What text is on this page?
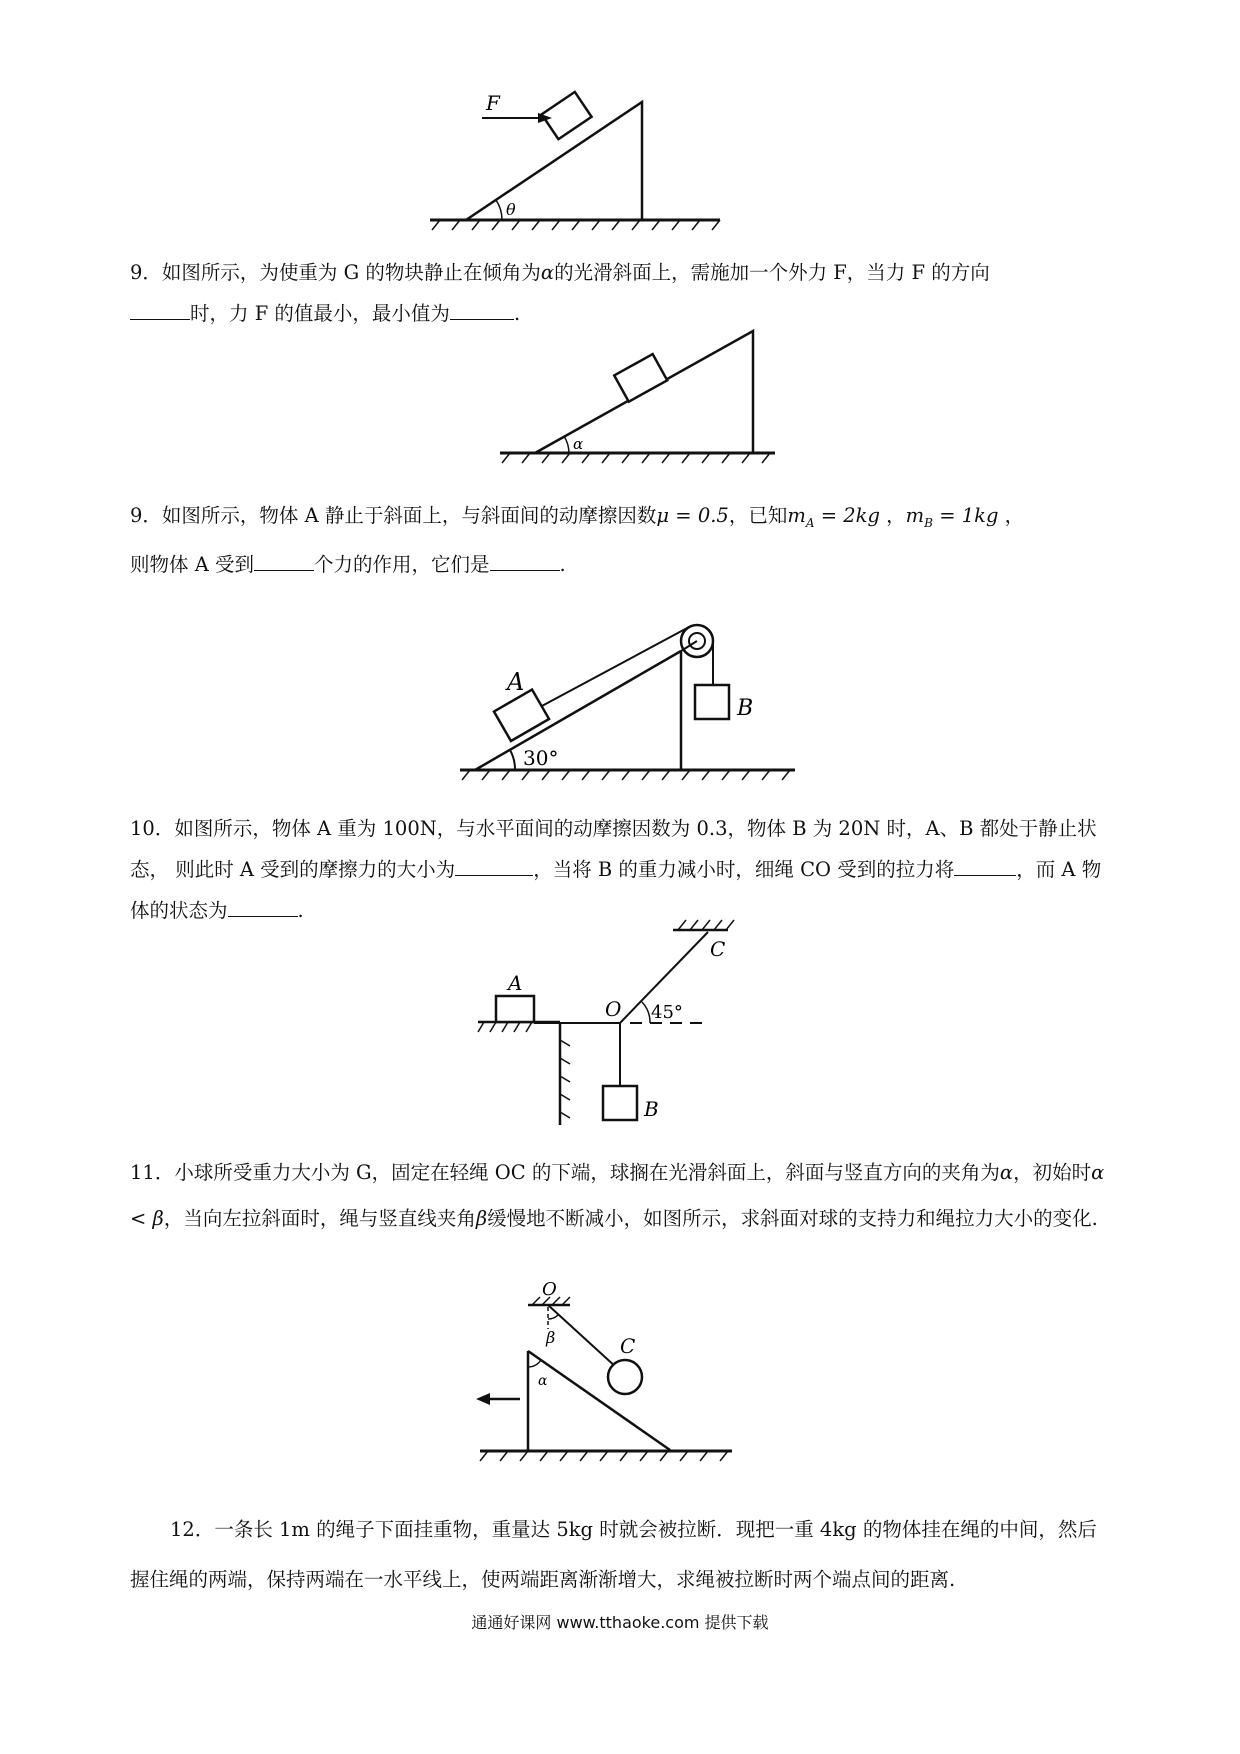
F
θ

9．如图所示，为使重为 G 的物块静止在倾角为α的光滑斜面上，需施加一个外力 F，当力 F 的方向
时，力 F 的值最小，最小值为	.

α

9．如图所示，物体 A 静止于斜面上，与斜面间的动摩擦因数μ = 0.5，已知$m_A = 2kg$ ，$m_B = 1kg$ ，
则物体 A 受到	个力的作用，它们是	.

A
B
30°

10．如图所示，物体 A 重为 100N，与水平面间的动摩擦因数为 0.3，物体 B 为 20N 时，A、B 都处于静止状态， 则此时 A 受到的摩擦力的大小为	，当将 B 的重力减小时，细绳 CO 受到的拉力将	，而 A 物体的状态为	.

C
45°
A
O
B

11．小球所受重力大小为 G，固定在轻绳 OC 的下端，球搁在光滑斜面上，斜面与竖直方向的夹角为α，初始时α < β，当向左拉斜面时，绳与竖直线夹角β缓慢地不断减小，如图所示，求斜面对球的支持力和绳拉力大小的变化.

O
β	C
α

12．一条长 1m 的绳子下面挂重物，重量达 5kg 时就会被拉断．现把一重 4kg 的物体挂在绳的中间，然后握住绳的两端，保持两端在一水平线上，使两端距离渐渐增大，求绳被拉断时两个端点间的距离.

通通好课网 www.tthaoke.com 提供下载
